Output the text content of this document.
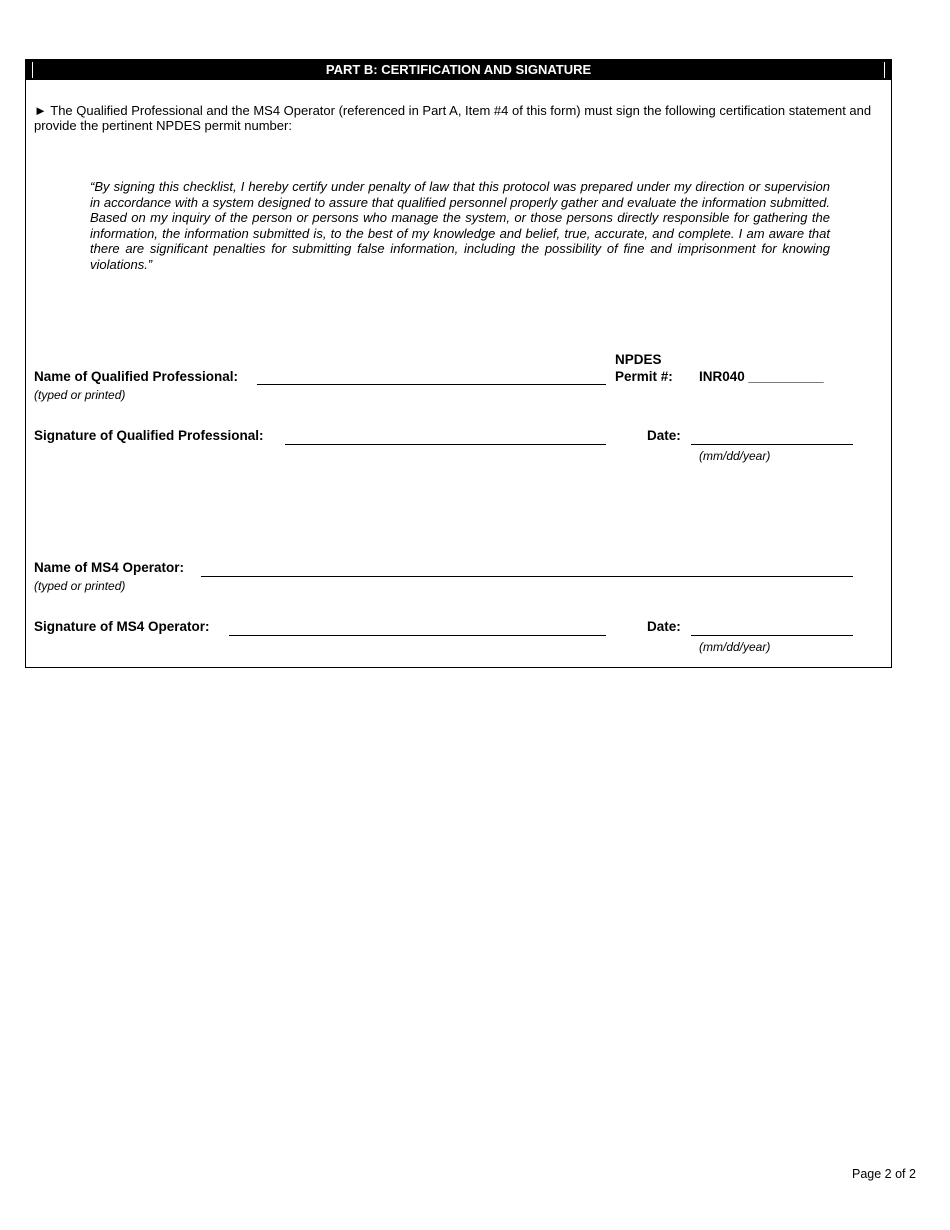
PART B: CERTIFICATION AND SIGNATURE
► The Qualified Professional and the MS4 Operator (referenced in Part A, Item #4 of this form) must sign the following certification statement and provide the pertinent NPDES permit number:
“By signing this checklist, I hereby certify under penalty of law that this protocol was prepared under my direction or supervision in accordance with a system designed to assure that qualified personnel properly gather and evaluate the information submitted. Based on my inquiry of the person or persons who manage the system, or those persons directly responsible for gathering the information, the information submitted is, to the best of my knowledge and belief, true, accurate, and complete. I am aware that there are significant penalties for submitting false information, including the possibility of fine and imprisonment for knowing violations.”
Name of Qualified Professional:
(typed or printed)
NPDES
Permit #: INR040 __________
Signature of Qualified Professional:	Date:
(mm/dd/year)
Name of MS4 Operator:
(typed or printed)
Signature of MS4 Operator:	Date:
(mm/dd/year)
Page 2 of 2
